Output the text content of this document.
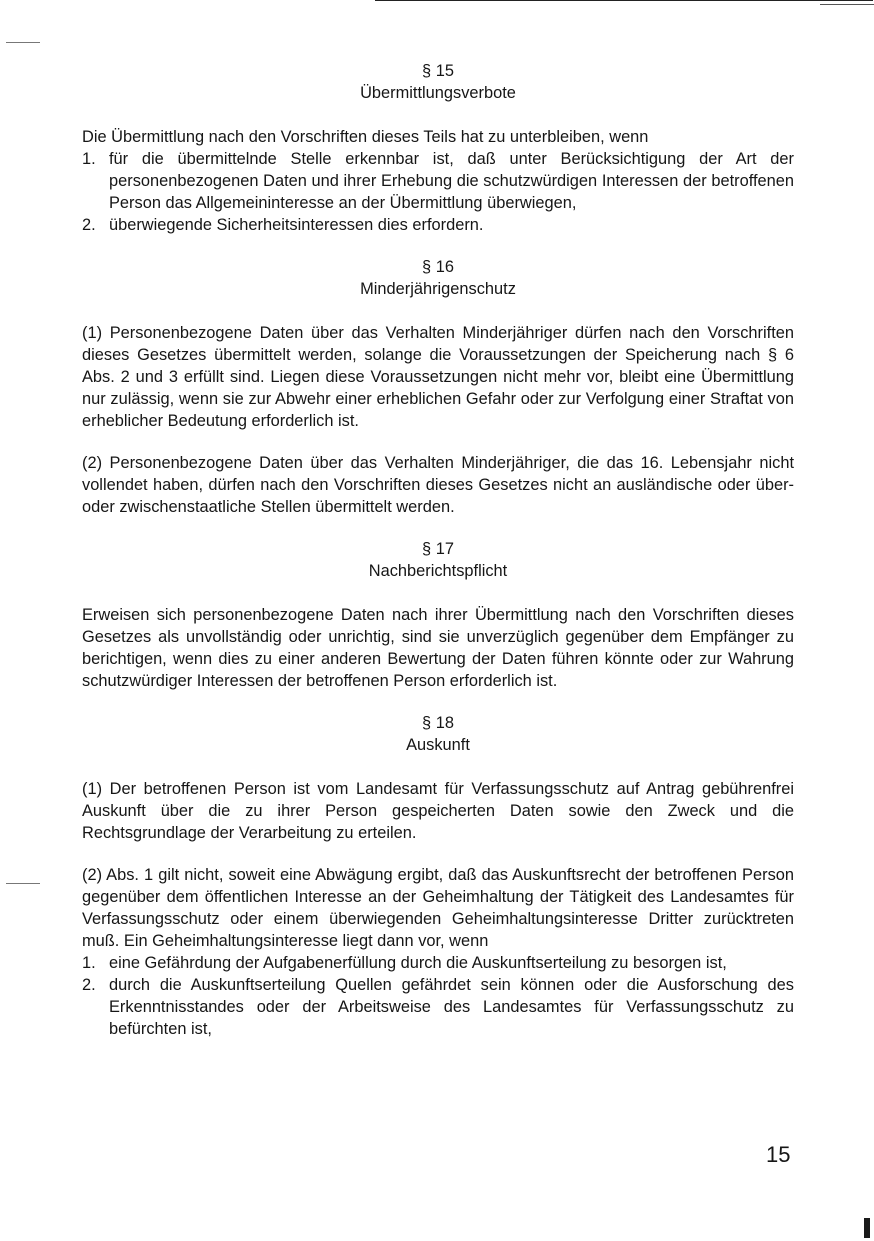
§ 15

Übermittlungsverbote

Die Übermittlung nach den Vorschriften dieses Teils hat zu unterbleiben, wenn

1. für die übermittelnde Stelle erkennbar ist, daß unter Berücksichtigung der Art der personenbezogenen Daten und ihrer Erhebung die schutzwürdigen Interessen der betroffenen Person das Allgemeininteresse an der Übermittlung überwiegen,
2. überwiegende Sicherheitsinteressen dies erfordern.

§ 16

Minderjährigenschutz

(1) Personenbezogene Daten über das Verhalten Minderjähriger dürfen nach den Vorschriften dieses Gesetzes übermittelt werden, solange die Voraussetzungen der Speicherung nach § 6 Abs. 2 und 3 erfüllt sind. Liegen diese Voraussetzungen nicht mehr vor, bleibt eine Übermittlung nur zulässig, wenn sie zur Abwehr einer erheblichen Gefahr oder zur Verfolgung einer Straftat von erheblicher Bedeutung erforderlich ist.

(2) Personenbezogene Daten über das Verhalten Minderjähriger, die das 16. Lebensjahr nicht vollendet haben, dürfen nach den Vorschriften dieses Gesetzes nicht an ausländische oder über- oder zwischenstaatliche Stellen übermittelt werden.

§ 17

Nachberichtspflicht

Erweisen sich personenbezogene Daten nach ihrer Übermittlung nach den Vorschriften dieses Gesetzes als unvollständig oder unrichtig, sind sie unverzüglich gegenüber dem Empfänger zu berichtigen, wenn dies zu einer anderen Bewertung der Daten führen könnte oder zur Wahrung schutzwürdiger Interessen der betroffenen Person erforderlich ist.

§ 18

Auskunft

(1) Der betroffenen Person ist vom Landesamt für Verfassungsschutz auf Antrag gebührenfrei Auskunft über die zu ihrer Person gespeicherten Daten sowie den Zweck und die Rechtsgrundlage der Verarbeitung zu erteilen.

(2) Abs. 1 gilt nicht, soweit eine Abwägung ergibt, daß das Auskunftsrecht der betroffenen Person gegenüber dem öffentlichen Interesse an der Geheimhaltung der Tätigkeit des Landesamtes für Verfassungsschutz oder einem überwiegenden Geheimhaltungsinteresse Dritter zurücktreten muß. Ein Geheimhaltungsinteresse liegt dann vor, wenn

1. eine Gefährdung der Aufgabenerfüllung durch die Auskunftserteilung zu besorgen ist,
2. durch die Auskunftserteilung Quellen gefährdet sein können oder die Ausforschung des Erkenntnisstandes oder der Arbeitsweise des Landesamtes für Verfassungsschutz zu befürchten ist,
15
